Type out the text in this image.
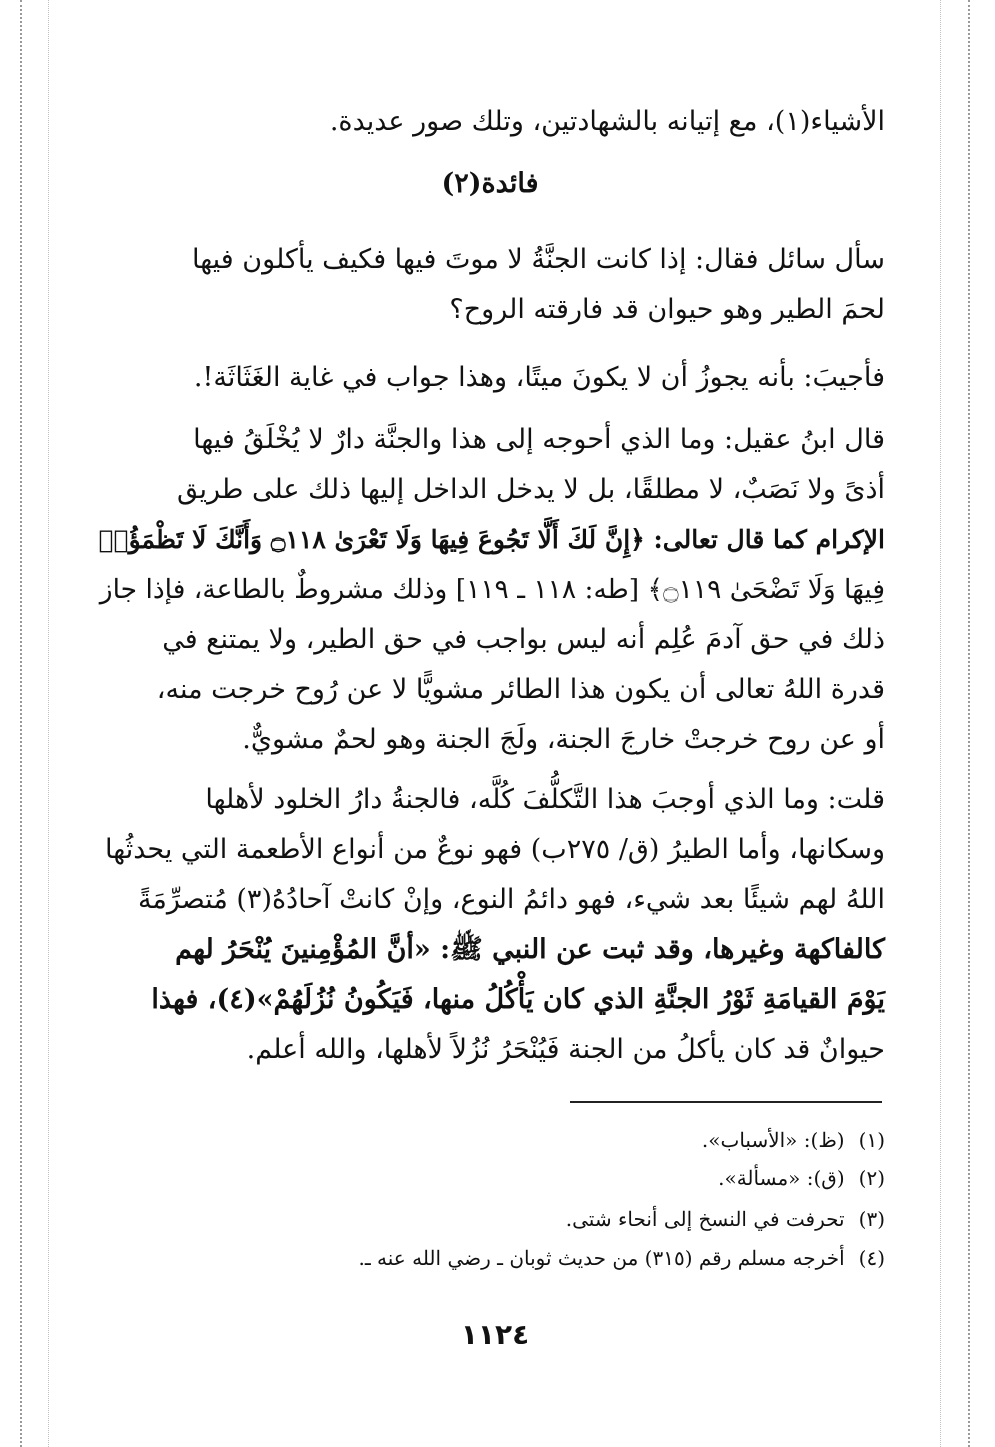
الأشياء(١)، مع إتيانه بالشهادتين، وتلك صور عديدة.
فائدة(٢)
سأل سائل فقال: إذا كانت الجنَّةُ لا موتَ فيها فكيف يأكلون فيها
لحمَ الطير وهو حيوان قد فارقته الروح؟
فأجيبَ: بأنه يجوزُ أن لا يكونَ ميتًا، وهذا جواب في غاية الغَثَاثَة!.
قال ابنُ عقيل: وما الذي أحوجه إلى هذا والجنَّة دارٌ لا يُخْلَقُ فيها
أذىً ولا نَصَبٌ، لا مطلقًا، بل لا يدخل الداخل إليها ذلك على طريق
الإكرام كما قال تعالى: ﴿إِنَّ لَكَ أَلَّا تَجُوعَ فِيهَا وَلَا تَعْرَىٰ ۝١١٨ وَأَنَّكَ لَا تَظْمَؤُا۟
فِيهَا وَلَا تَضْحَىٰ ۝١١٩﴾ [طه: ١١٨ ـ ١١٩] وذلك مشروطٌ بالطاعة، فإذا جاز
ذلك في حق آدمَ عُلِم أنه ليس بواجب في حق الطير، ولا يمتنع في
قدرة اللهُ تعالى أن يكون هذا الطائر مشويًّا لا عن رُوح خرجت منه،
أو عن روح خرجتْ خارجَ الجنة، ولَجَ الجنة وهو لحمٌ مشويٌّ.
قلت: وما الذي أوجبَ هذا التَّكلُّفَ كُلَّه، فالجنةُ دارُ الخلود لأهلها
وسكانها، وأما الطيرُ (ق/ ٢٧٥ب) فهو نوعٌ من أنواع الأطعمة التي يحدثُها
اللهُ لهم شيئًا بعد شيء، فهو دائمُ النوع، وإنْ كانتْ آحادُهُ(٣) مُتصرِّمَةً
كالفاكهة وغيرها، وقد ثبت عن النبي ﷺ: «أنَّ المُؤْمِنينَ يُنْحَرُ لهم
يَوْمَ القيامَةِ ثَوْرُ الجنَّةِ الذي كان يَأْكُلُ منها، فَيَكُونُ نُزُلَهُمْ»(٤)، فهذا
حيوانٌ قد كان يأكلُ من الجنة فَيُنْحَرُ نُزُلاً لأهلها، والله أعلم.
(١)(ظ): «الأسباب».
(٢)(ق): «مسألة».
(٣)تحرفت في النسخ إلى أنحاء شتى.
(٤)أخرجه مسلم رقم (٣١٥) من حديث ثوبان ـ رضي الله عنه ـ.
١١٢٤
